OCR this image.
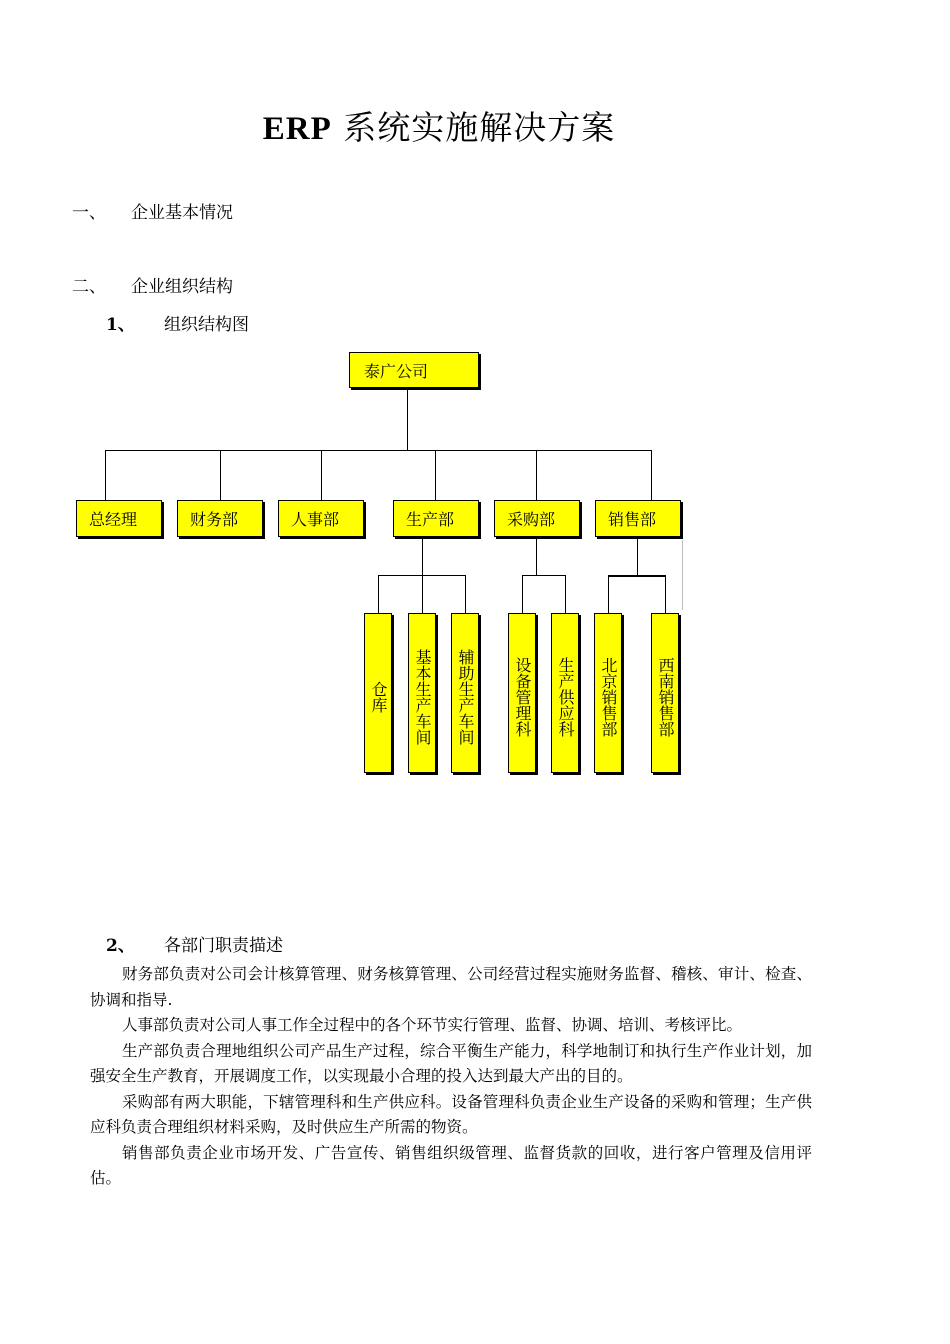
ERP 系统实施解决方案
一、 企业基本情况
二、 企业组织结构
1、 组织结构图
泰广公司
总经理	财务部	人事部	生产部	采购部	销售部
仓库	基本生产车间	辅助生产车间	设备管理科	生产供应科	北京销售部	西南销售部
2、 各部门职责描述

财务部负责对公司会计核算管理、财务核算管理、公司经营过程实施财务监督、稽核、审计、检查、协调和指导.

人事部负责对公司人事工作全过程中的各个环节实行管理、监督、协调、培训、考核评比。

生产部负责合理地组织公司产品生产过程，综合平衡生产能力，科学地制订和执行生产作业计划，加强安全生产教育，开展调度工作，以实现最小合理的投入达到最大产出的目的。

采购部有两大职能，下辖管理科和生产供应科。设备管理科负责企业生产设备的采购和管理；生产供应科负责合理组织材料采购，及时供应生产所需的物资。

销售部负责企业市场开发、广告宣传、销售组织级管理、监督货款的回收，进行客户管理及信用评估。
